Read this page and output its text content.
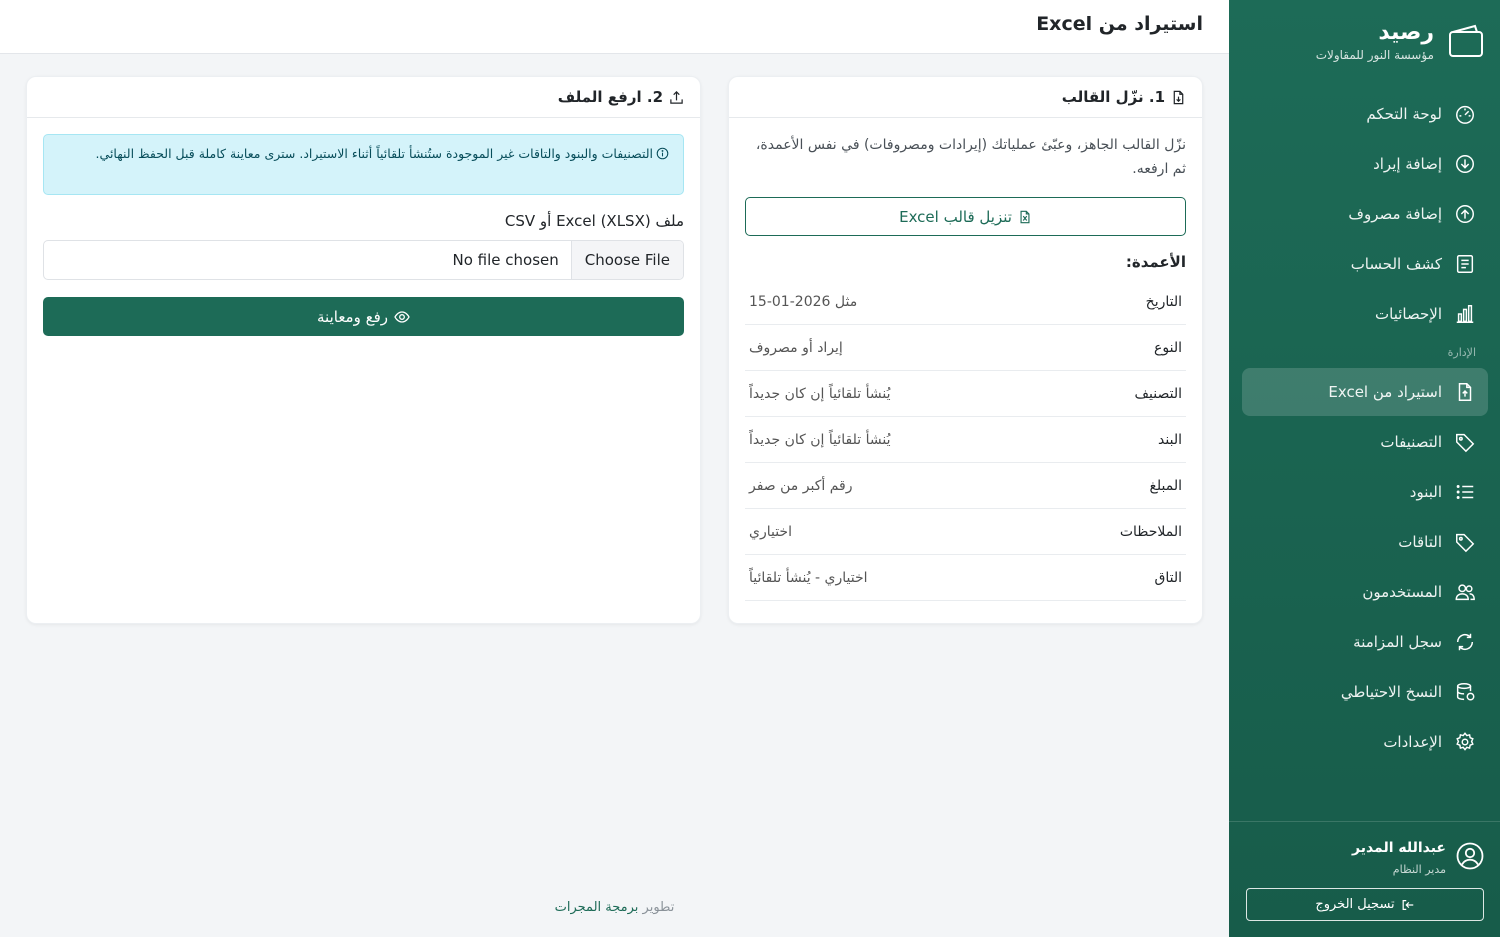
رصيد
مؤسسة النور للمقاولات
لوحة التحكم
إضافة إيراد
إضافة مصروف
كشف الحساب
الإحصائيات
الإدارة
استيراد من Excel
التصنيفات
البنود
التاقات
المستخدمون
سجل المزامنة
النسخ الاحتياطي
الإعدادات
عبدالله المدير
مدير النظام
تسجيل الخروج
استيراد من Excel
1. نزّل القالب

نزّل القالب الجاهز، وعبّئ عملياتك (إيرادات ومصروفات) في نفس الأعمدة، ثم ارفعه.

تنزيل قالب Excel
الأعمدة:
التاريخ
مثل 2026-01-15
النوع
إيراد أو مصروف
التصنيف
يُنشأ تلقائياً إن كان جديداً
البند
يُنشأ تلقائياً إن كان جديداً
المبلغ
رقم أكبر من صفر
الملاحظات
اختياري
التاق
اختياري - يُنشأ تلقائياً
2. ارفع الملف
التصنيفات والبنود والتاقات غير الموجودة ستُنشأ تلقائياً أثناء الاستيراد. سترى معاينة كاملة قبل الحفظ النهائي.
ملف Excel (XLSX) أو CSV
Choose File
No file chosen
رفع ومعاينة
تطوير برمجة المجرات
